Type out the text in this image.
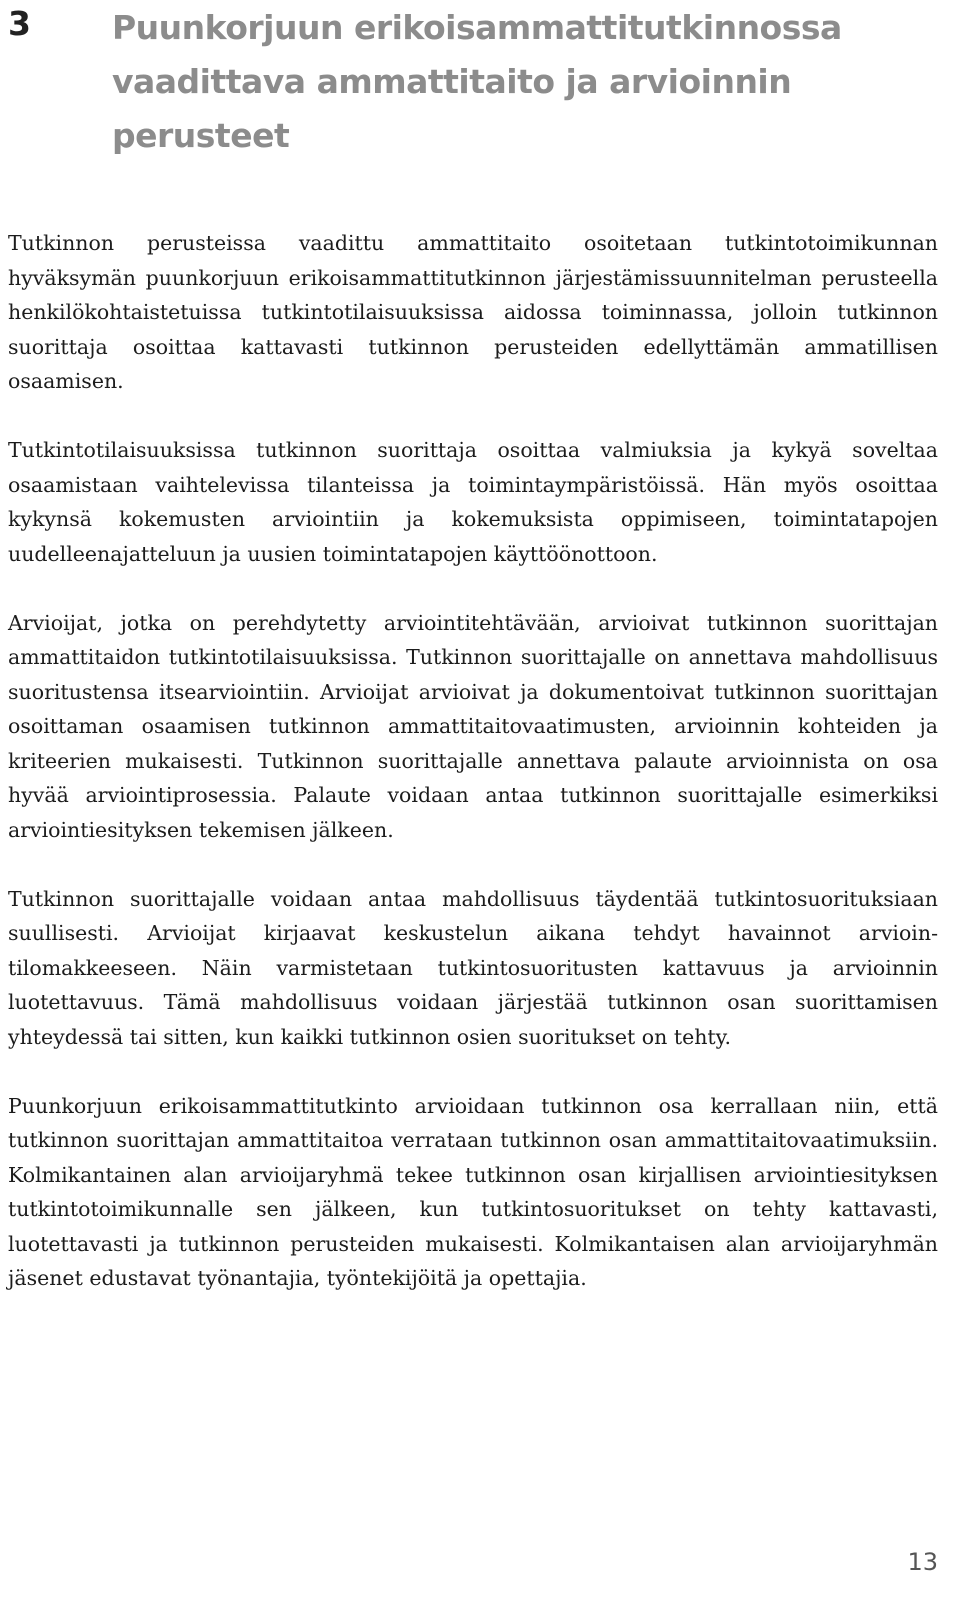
3 Puunkorjuun erikoisammattitutkinnossa vaadittava ammattitaito ja arvioinnin perusteet

Tutkinnon perusteissa vaadittu ammattitaito osoitetaan tutkintotoimikunnan hyväksymän puunkorjuun erikoisammattitutkinnon järjestämissuunnitelman perusteella henkilökohtaistetuissa tutkintotilaisuuksissa aidossa toiminnassa, jolloin tutkinnon suorittaja osoittaa kattavasti tutkinnon perusteiden edellyttämän ammatillisen osaamisen.

Tutkintotilaisuuksissa tutkinnon suorittaja osoittaa valmiuksia ja kykyä soveltaa osaamistaan vaihtelevissa tilanteissa ja toimintaympäristöissä. Hän myös osoittaa kykynsä kokemusten arviointiin ja kokemuksista oppimiseen, toimintatapojen uudelleenajatteluun ja uusien toimintatapojen käyttöönottoon.

Arvioijat, jotka on perehdytetty arviointitehtävään, arvioivat tutkinnon suorittajan ammattitaidon tutkintotilaisuuksissa. Tutkinnon suorittajalle on annettava mahdollisuus suoritustensa itsearviointiin. Arvioijat arvioivat ja dokumentoivat tutkinnon suorittajan osoittaman osaamisen tutkinnon ammattitaitovaatimusten, arvioinnin kohteiden ja kriteerien mukaisesti. Tutkinnon suorittajalle annettava palaute arvioinnista on osa hyvää arviointiprosessia. Palaute voidaan antaa tutkinnon suorittajalle esimerkiksi arviointiesityksen tekemisen jälkeen.

Tutkinnon suorittajalle voidaan antaa mahdollisuus täydentää tutkintosuorituksiaan suullisesti. Arvioijat kirjaavat keskustelun aikana tehdyt havainnot arviointilomakkeeseen. Näin varmistetaan tutkintosuoritusten kattavuus ja arvioinnin luotettavuus. Tämä mahdollisuus voidaan järjestää tutkinnon osan suorittamisen yhteydessä tai sitten, kun kaikki tutkinnon osien suoritukset on tehty.

Puunkorjuun erikoisammattitutkinto arvioidaan tutkinnon osa kerrallaan niin, että tutkinnon suorittajan ammattitaitoa verrataan tutkinnon osan ammattitaitovaatimuksiin. Kolmikantainen alan arvioijaryhmä tekee tutkinnon osan kirjallisen arviointiesityksen tutkintotoimikunnalle sen jälkeen, kun tutkintosuoritukset on tehty kattavasti, luotettavasti ja tutkinnon perusteiden mukaisesti. Kolmikantaisen alan arvioijaryhmän jäsenet edustavat työnantajia, työntekijöitä ja opettajia.

13
